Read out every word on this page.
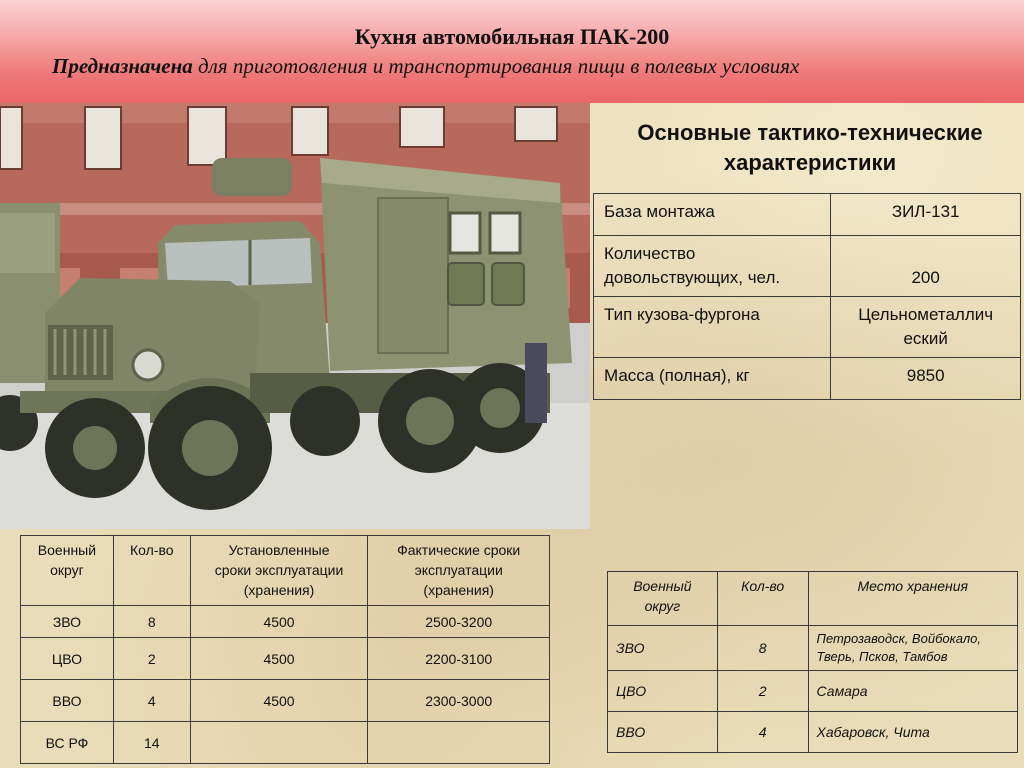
Кухня автомобильная ПАК-200

Предназначена для приготовления и транспортирования пищи в полевых условиях

Основные тактико-технические
характеристики
База монтажа	ЗИЛ-131
Количество
довольствующих, чел.	200
Тип кузова-фургона	Цельнометаллич
еский
Масса (полная), кг	9850
Военный
округ	Кол-во	Установленные
сроки эксплуатации
(хранения)	Фактические сроки
эксплуатации
(хранения)
ЗВО	8	4500	2500-3200
ЦВО	2	4500	2200-3100
ВВО	4	4500	2300-3000
ВС РФ	14		
Военный
округ	Кол-во	Место хранения
ЗВО	8	Петрозаводск, Войбокало, Тверь, Псков, Тамбов
ЦВО	2	Самара
ВВО	4	Хабаровск, Чита
